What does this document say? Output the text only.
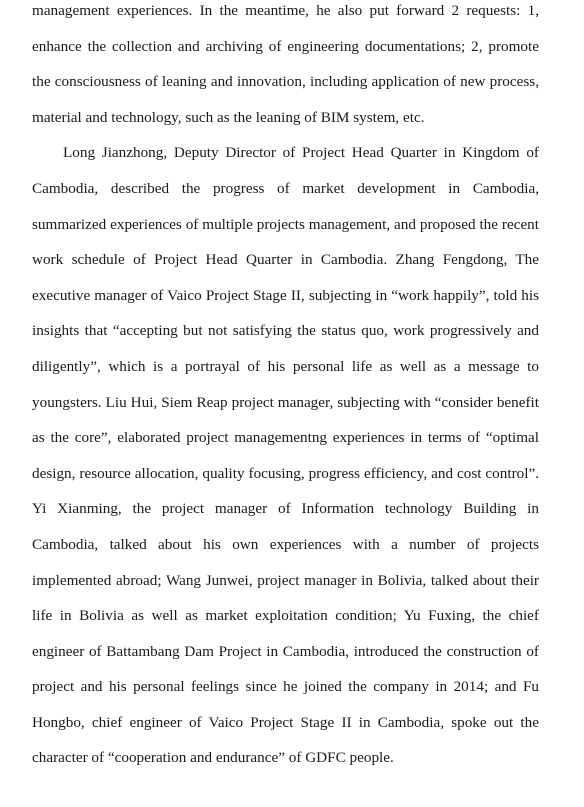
management experiences. In the meantime, he also put forward 2 requests: 1, enhance the collection and archiving of engineering documentations; 2, promote the consciousness of leaning and innovation, including application of new process, material and technology, such as the leaning of BIM system, etc.

Long Jianzhong, Deputy Director of Project Head Quarter in Kingdom of Cambodia, described the progress of market development in Cambodia, summarized experiences of multiple projects management, and proposed the recent work schedule of Project Head Quarter in Cambodia. Zhang Fengdong, The executive manager of Vaico Project Stage II, subjecting in “work happily”, told his insights that “accepting but not satisfying the status quo, work progressively and diligently”, which is a portrayal of his personal life as well as a message to youngsters. Liu Hui, Siem Reap project manager, subjecting with “consider benefit as the core”, elaborated project managementng experiences in terms of “optimal design, resource allocation, quality focusing, progress efficiency, and cost control”. Yi Xianming, the project manager of Information technology Building in Cambodia, talked about his own experiences with a number of projects implemented abroad; Wang Junwei, project manager in Bolivia, talked about their life in Bolivia as well as market exploitation condition; Yu Fuxing, the chief engineer of Battambang Dam Project in Cambodia, introduced the construction of project and his personal feelings since he joined the company in 2014; and Fu Hongbo, chief engineer of Vaico Project Stage II in Cambodia, spoke out the character of “cooperation and endurance” of GDFC people.
